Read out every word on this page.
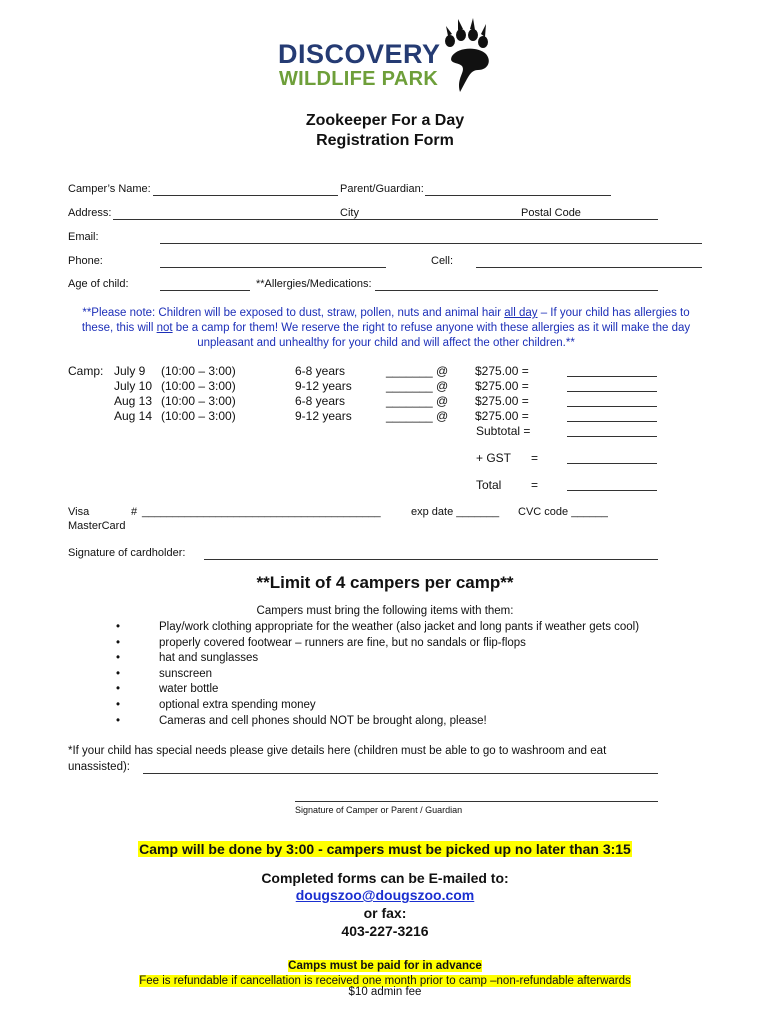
DISCOVERY
WILDLIFE PARK
Zookeeper For a Day
Registration Form
Camper’s Name:	Parent/Guardian:
Address:	City	Postal Code
Email:
Phone:	Cell:
Age of child:	**Allergies/Medications:
**Please note: Children will be exposed to dust, straw, pollen, nuts and animal hair all day – If your child has allergies to these, this will not be a camp for them! We reserve the right to refuse anyone with these allergies as it will make the day unpleasant and unhealthy for your child and will affect the other children.**
Camp: July 9	(10:00 – 3:00)	6-8 years	_______ @	$275.00 =
July 10	(10:00 – 3:00)	9-12 years	_______ @	$275.00 =
Aug 13	(10:00 – 3:00)	6-8 years	_______ @	$275.00 =
Aug 14	(10:00 – 3:00)	9-12 years	_______ @	$275.00 =
Subtotal =
+ GST =
Total =
Visa	# _______________________________________	exp date _______ CVC code ______
MasterCard
Signature of cardholder:
**Limit of 4 campers per camp**
Campers must bring the following items with them:
•	Play/work clothing appropriate for the weather (also jacket and long pants if weather gets cool)
•	properly covered footwear – runners are fine, but no sandals or flip-flops
•	hat and sunglasses
•	sunscreen
•	water bottle
•	optional extra spending money
•	Cameras and cell phones should NOT be brought along, please!
*If your child has special needs please give details here (children must be able to go to washroom and eat
unassisted):
Signature of Camper or Parent / Guardian
Camp will be done by 3:00 - campers must be picked up no later than 3:15
Completed forms can be E-mailed to:
dougszoo@dougszoo.com
or fax:
403-227-3216
Camps must be paid for in advance
Fee is refundable if cancellation is received one month prior to camp –non-refundable afterwards
$10 admin fee
